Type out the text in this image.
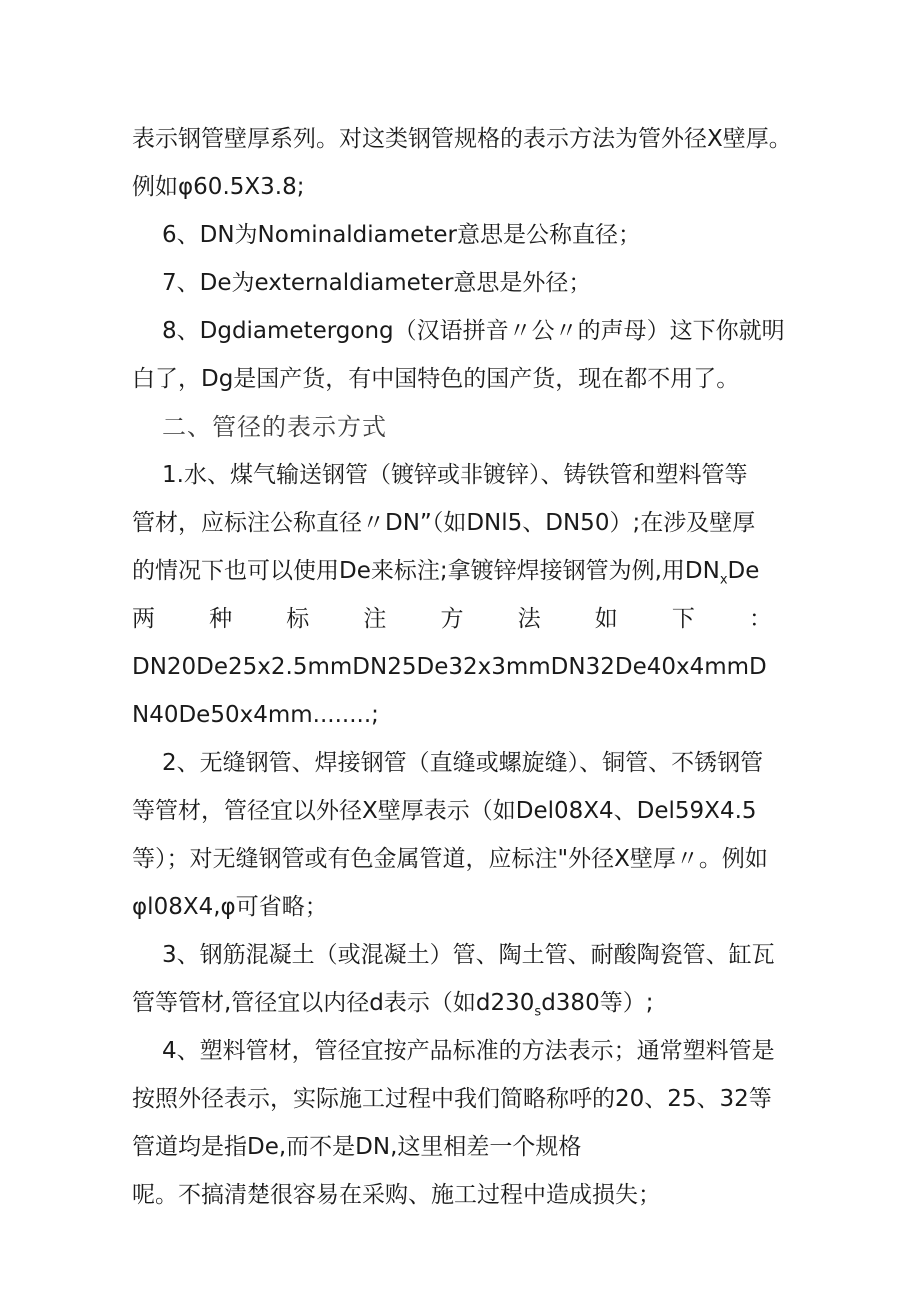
表示钢管壁厚系列。对这类钢管规格的表示方法为管外径X壁厚。
例如φ60.5X3.8;
6、DN为Nominaldiameter意思是公称直径；
7、De为externaldiameter意思是外径；
8、Dgdiametergong（汉语拼音〃公〃的声母）这下你就明
白了，Dg是国产货，有中国特色的国产货，现在都不用了。
二、管径的表示方式
1.水、煤气输送钢管（镀锌或非镀锌）、铸铁管和塑料管等
管材，应标注公称直径〃DN”（如DNl5、DN50）;在涉及壁厚
的情况下也可以使用De来标注;拿镀锌焊接钢管为例,用$DN_xDe$
两 种 标 注 方 法 如 下 ：
DN20De25x2.5mmDN25De32x3mmDN32De40x4mmD
N40De50x4mm........;
2、无缝钢管、焊接钢管（直缝或螺旋缝）、铜管、不锈钢管
等管材，管径宜以外径X壁厚表示（如Del08X4、Del59X4.5
等）；对无缝钢管或有色金属管道，应标注"外径X壁厚〃。例如
φl08X4,φ可省略；
3、钢筋混凝土（或混凝土）管、陶土管、耐酸陶瓷管、缸瓦
管等管材,管径宜以内径d表示（如$d230_sd380$等）;
4、塑料管材，管径宜按产品标准的方法表示；通常塑料管是
按照外径表示，实际施工过程中我们简略称呼的20、25、32等
管道均是指De,而不是DN,这里相差一个规格
呢。不搞清楚很容易在采购、施工过程中造成损失；
